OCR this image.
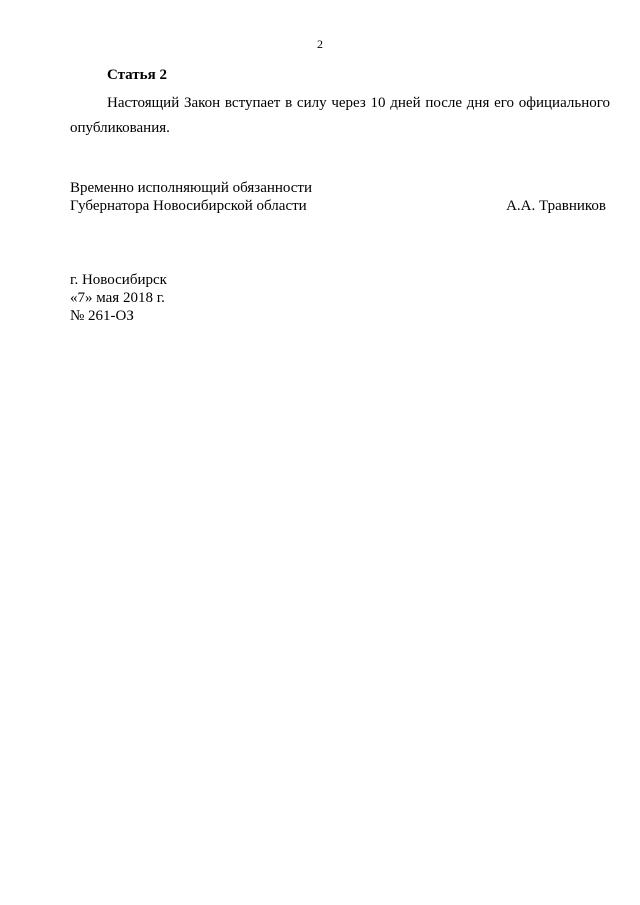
2
Статья 2
Настоящий Закон вступает в силу через 10 дней после дня его официального
опубликования.
Временно исполняющий обязанности
Губернатора Новосибирской области	А.А. Травников
г. Новосибирск
«7» мая 2018 г.
№ 261-ОЗ
